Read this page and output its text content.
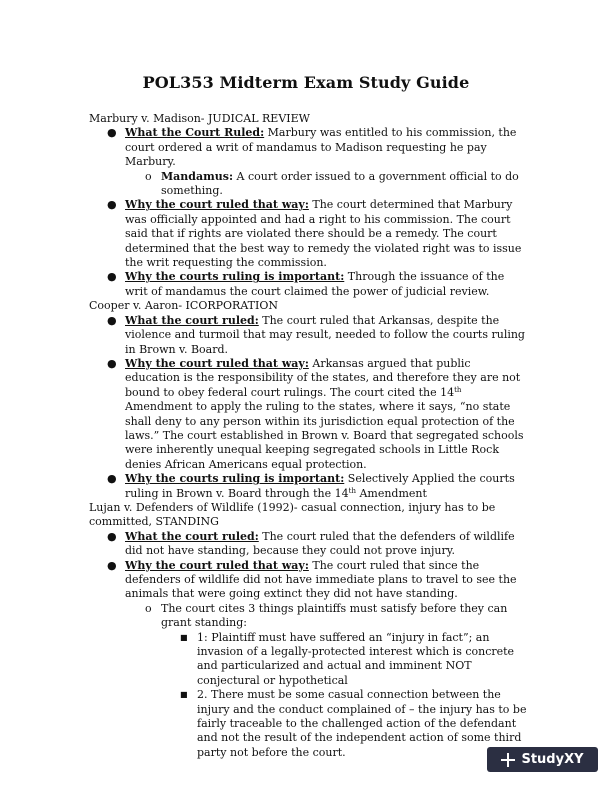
POL353 Midterm Exam Study Guide

Marbury v. Madison- JUDICAL REVIEW

● What the Court Ruled: Marbury was entitled to his commission, the court ordered a writ of mandamus to Madison requesting he pay Marbury.
o Mandamus: A court order issued to a government official to do something.
● Why the court ruled that way: The court determined that Marbury was officially appointed and had a right to his commission. The court said that if rights are violated there should be a remedy. The court determined that the best way to remedy the violated right was to issue the writ requesting the commission.
● Why the courts ruling is important: Through the issuance of the writ of mandamus the court claimed the power of judicial review.

Cooper v. Aaron- ICORPORATION

● What the court ruled: The court ruled that Arkansas, despite the violence and turmoil that may result, needed to follow the courts ruling in Brown v. Board.
● Why the court ruled that way: Arkansas argued that public education is the responsibility of the states, and therefore they are not bound to obey federal court rulings. The court cited the 14th Amendment to apply the ruling to the states, where it says, “no state shall deny to any person within its jurisdiction equal protection of the laws.” The court established in Brown v. Board that segregated schools were inherently unequal keeping segregated schools in Little Rock denies African Americans equal protection.
● Why the courts ruling is important: Selectively Applied the courts ruling in Brown v. Board through the 14th Amendment

Lujan v. Defenders of Wildlife (1992)- casual connection, injury has to be committed, STANDING

● What the court ruled: The court ruled that the defenders of wildlife did not have standing, because they could not prove injury.
● Why the court ruled that way: The court ruled that since the defenders of wildlife did not have immediate plans to travel to see the animals that were going extinct they did not have standing.
o The court cites 3 things plaintiffs must satisfy before they can grant standing:
■ 1: Plaintiff must have suffered an “injury in fact”; an invasion of a legally-protected interest which is concrete and particularized and actual and imminent NOT conjectural or hypothetical
■ 2. There must be some casual connection between the injury and the conduct complained of – the injury has to be fairly traceable to the challenged action of the defendant and not the result of the independent action of some third party not before the court.	StudyXY
